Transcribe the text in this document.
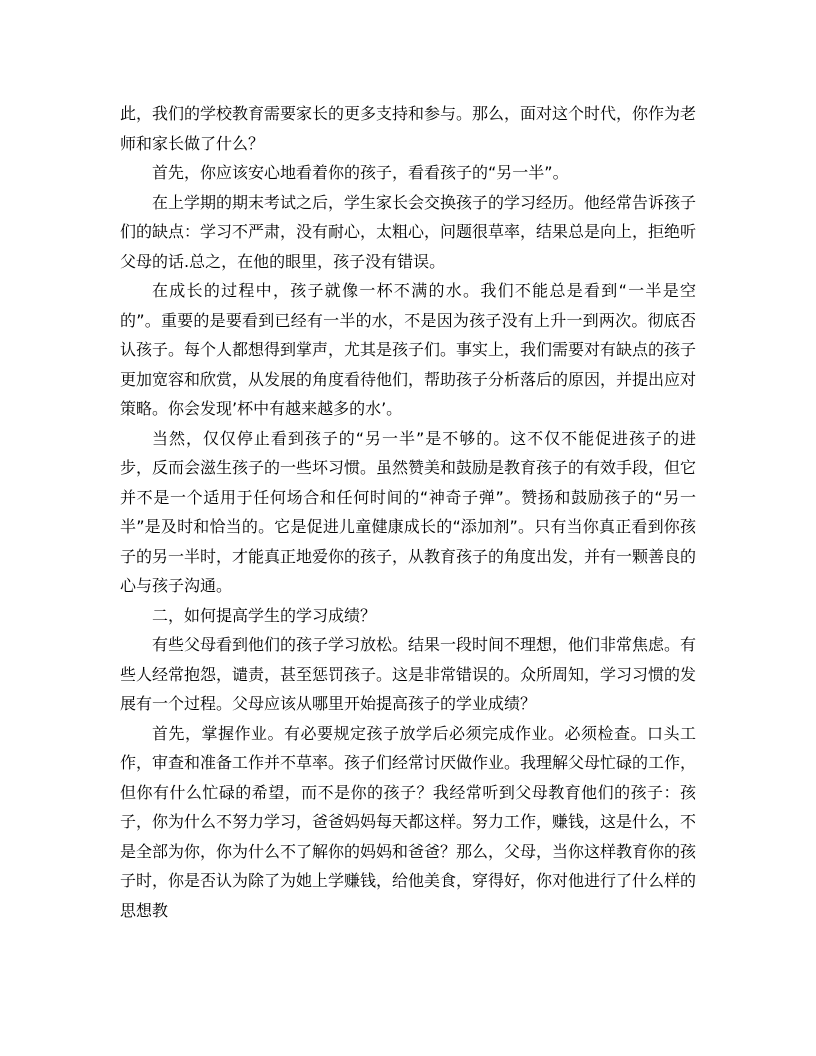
此，我们的学校教育需要家长的更多支持和参与。那么，面对这个时代，你作为老师和家长做了什么？

首先，你应该安心地看着你的孩子，看看孩子的“另一半”。

在上学期的期末考试之后，学生家长会交换孩子的学习经历。他经常告诉孩子们的缺点：学习不严肃，没有耐心，太粗心，问题很草率，结果总是向上，拒绝听父母的话.总之，在他的眼里，孩子没有错误。

在成长的过程中，孩子就像一杯不满的水。我们不能总是看到“一半是空的”。重要的是要看到已经有一半的水，不是因为孩子没有上升一到两次。彻底否认孩子。每个人都想得到掌声，尤其是孩子们。事实上，我们需要对有缺点的孩子更加宽容和欣赏，从发展的角度看待他们，帮助孩子分析落后的原因，并提出应对策略。你会发现’杯中有越来越多的水’。

当然，仅仅停止看到孩子的“另一半”是不够的。这不仅不能促进孩子的进步，反而会滋生孩子的一些坏习惯。虽然赞美和鼓励是教育孩子的有效手段，但它并不是一个适用于任何场合和任何时间的“神奇子弹”。赞扬和鼓励孩子的“另一半”是及时和恰当的。它是促进儿童健康成长的“添加剂”。只有当你真正看到你孩子的另一半时，才能真正地爱你的孩子，从教育孩子的角度出发，并有一颗善良的心与孩子沟通。

二，如何提高学生的学习成绩？

有些父母看到他们的孩子学习放松。结果一段时间不理想，他们非常焦虑。有些人经常抱怨，谴责，甚至惩罚孩子。这是非常错误的。众所周知，学习习惯的发展有一个过程。父母应该从哪里开始提高孩子的学业成绩？

首先，掌握作业。有必要规定孩子放学后必须完成作业。必须检查。口头工作，审查和准备工作并不草率。孩子们经常讨厌做作业。我理解父母忙碌的工作，但你有什么忙碌的希望，而不是你的孩子？我经常听到父母教育他们的孩子：孩子，你为什么不努力学习，爸爸妈妈每天都这样。努力工作，赚钱，这是什么，不是全部为你，你为什么不了解你的妈妈和爸爸？那么，父母，当你这样教育你的孩子时，你是否认为除了为她上学赚钱，给他美食，穿得好，你对他进行了什么样的思想教
